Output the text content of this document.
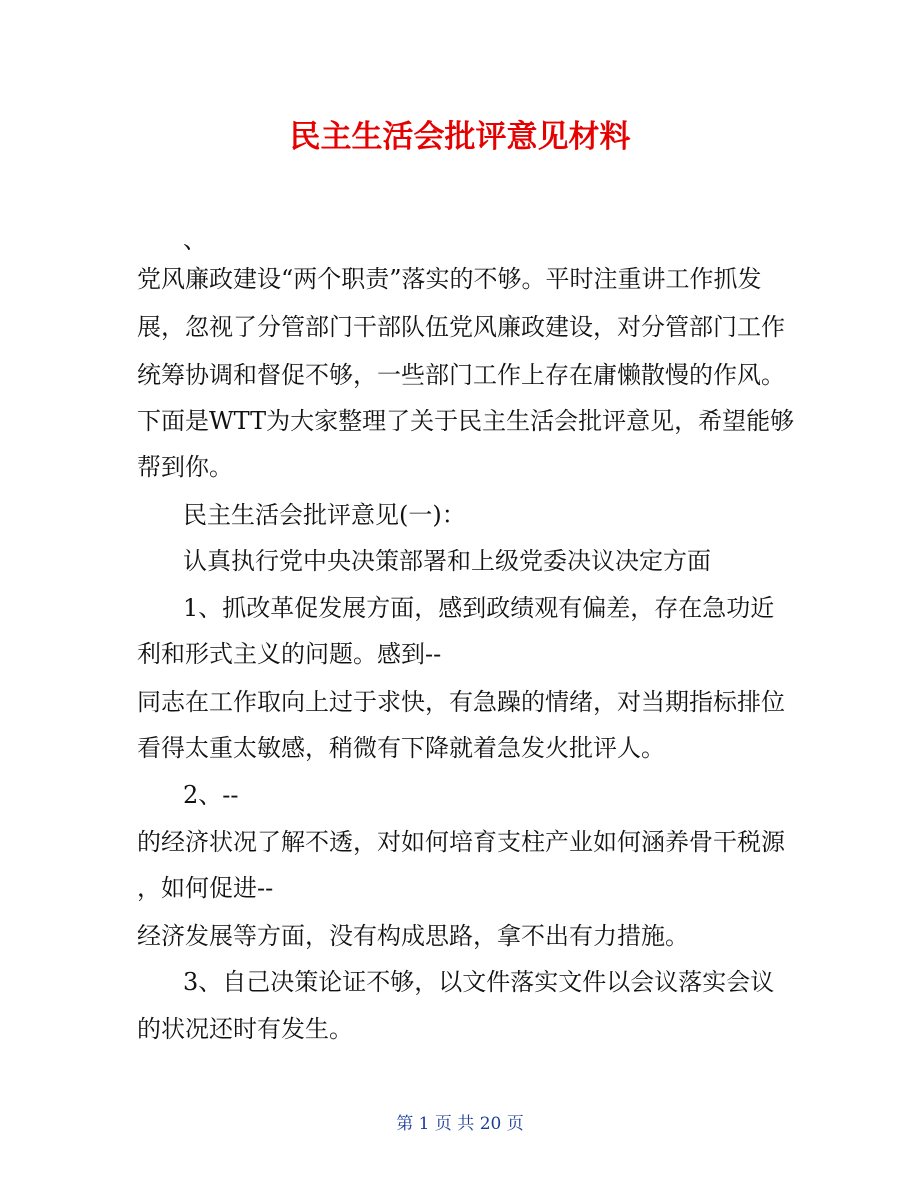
民主生活会批评意见材料
、
党风廉政建设“两个职责”落实的不够。平时注重讲工作抓发
展，忽视了分管部门干部队伍党风廉政建设，对分管部门工作
统筹协调和督促不够，一些部门工作上存在庸懒散慢的作风。
下面是WTT为大家整理了关于民主生活会批评意见，希望能够
帮到你。
民主生活会批评意见(一)：
认真执行党中央决策部署和上级党委决议决定方面
1、抓改革促发展方面，感到政绩观有偏差，存在急功近
利和形式主义的问题。感到--
同志在工作取向上过于求快，有急躁的情绪，对当期指标排位
看得太重太敏感，稍微有下降就着急发火批评人。
2、--
的经济状况了解不透，对如何培育支柱产业如何涵养骨干税源
，如何促进--
经济发展等方面，没有构成思路，拿不出有力措施。
3、自己决策论证不够，以文件落实文件以会议落实会议
的状况还时有发生。
第 1 页 共 20 页
